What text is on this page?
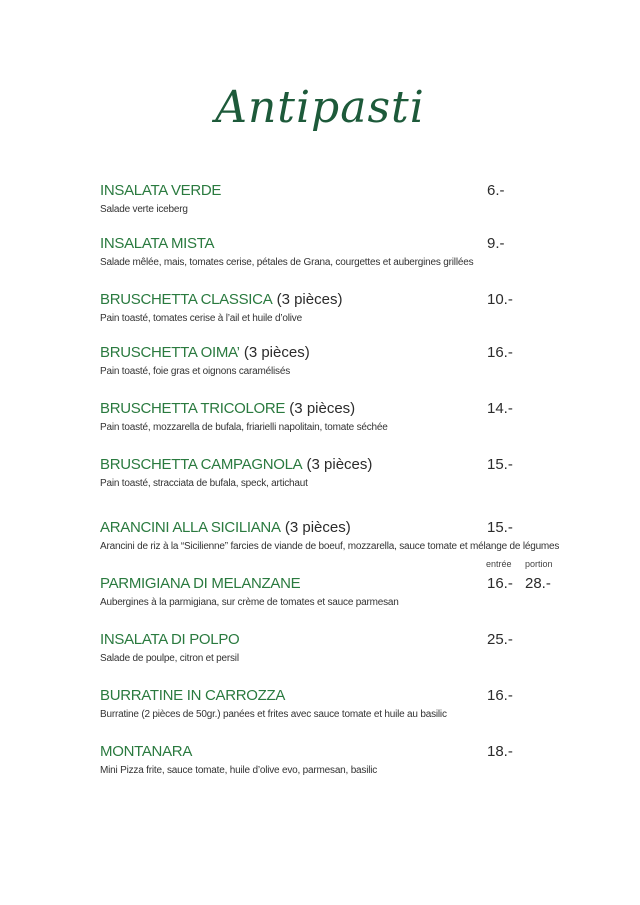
Antipasti
INSALATA VERDE
Salade verte iceberg
6.-
INSALATA MISTA
Salade mêlée, mais, tomates cerise, pétales de Grana, courgettes et aubergines grillées
9.-
BRUSCHETTA CLASSICA (3 pièces)
Pain toasté, tomates cerise à l’ail et huile d’olive
10.-
BRUSCHETTA OIMA’ (3 pièces)
Pain toasté, foie gras et oignons caramélisés
16.-
BRUSCHETTA TRICOLORE (3 pièces)
Pain toasté, mozzarella de bufala, friarielli napolitain, tomate séchée
14.-
BRUSCHETTA CAMPAGNOLA (3 pièces)
Pain toasté, stracciata de bufala, speck, artichaut
15.-
ARANCINI ALLA SICILIANA (3 pièces)
Arancini de riz à la “Sicilienne” farcies de viande de boeuf, mozzarella, sauce tomate et mélange de légumes
15.-
entrée portion
PARMIGIANA DI MELANZANE
Aubergines à la parmigiana, sur crème de tomates et sauce parmesan
16.- 28.-
INSALATA DI POLPO
Salade de poulpe, citron et persil
25.-
BURRATINE IN CARROZZA
Burratine (2 pièces de 50gr.) panées et frites avec sauce tomate et huile au basilic
16.-
MONTANARA
Mini Pizza frite, sauce tomate, huile d’olive evo, parmesan, basilic
18.-
